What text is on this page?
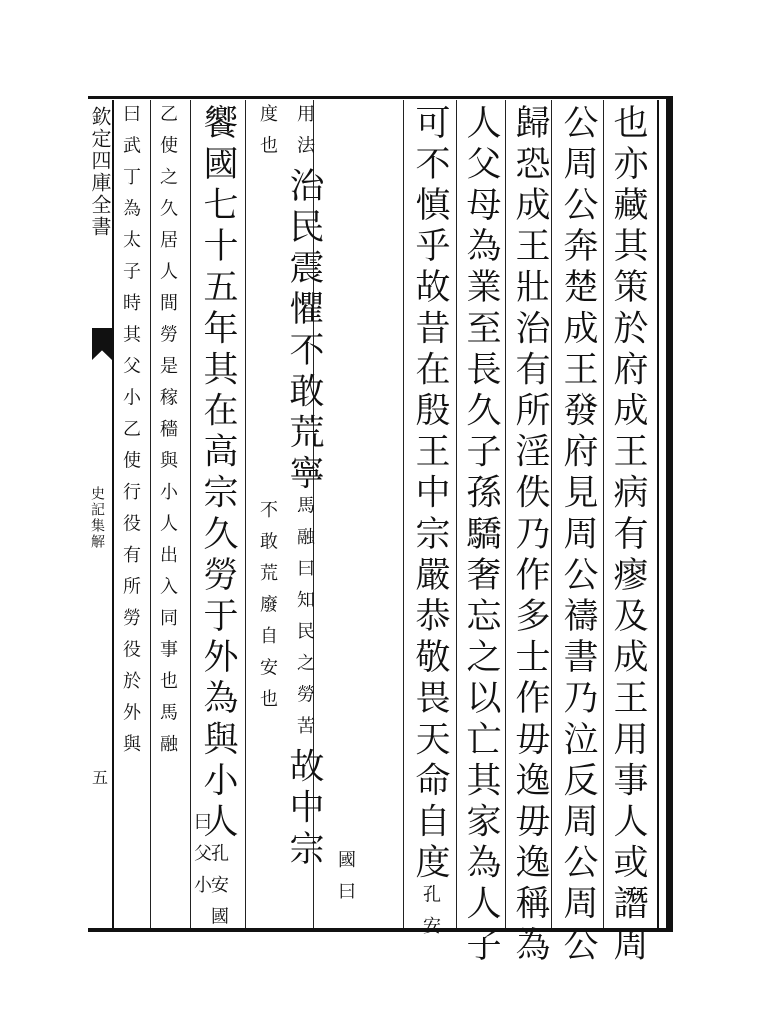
欽定四庫全書
史記集解
五	也亦藏其策於府成王病有瘳及成王用事人或譖周
公周公奔楚成王發府見周公禱書乃泣反周公周公
歸恐成王壯治有所淫佚乃作多士作毋逸毋逸稱為
人父母為業至長久子孫驕奢忘之以亡其家為人子
可不慎乎故昔在殷王中宗嚴恭敬畏天命自度孔安
國曰
用法治民震懼不敢荒寧馬融曰知民之勞苦故中宗
度也
不敢荒廢自安也
饗國七十五年其在高宗久勞于外為與小人孔安國
曰父小
乙使之久居人間勞是稼穡與小人出入同事也馬融
曰武丁為太子時其父小乙使行役有所勞役於外與
